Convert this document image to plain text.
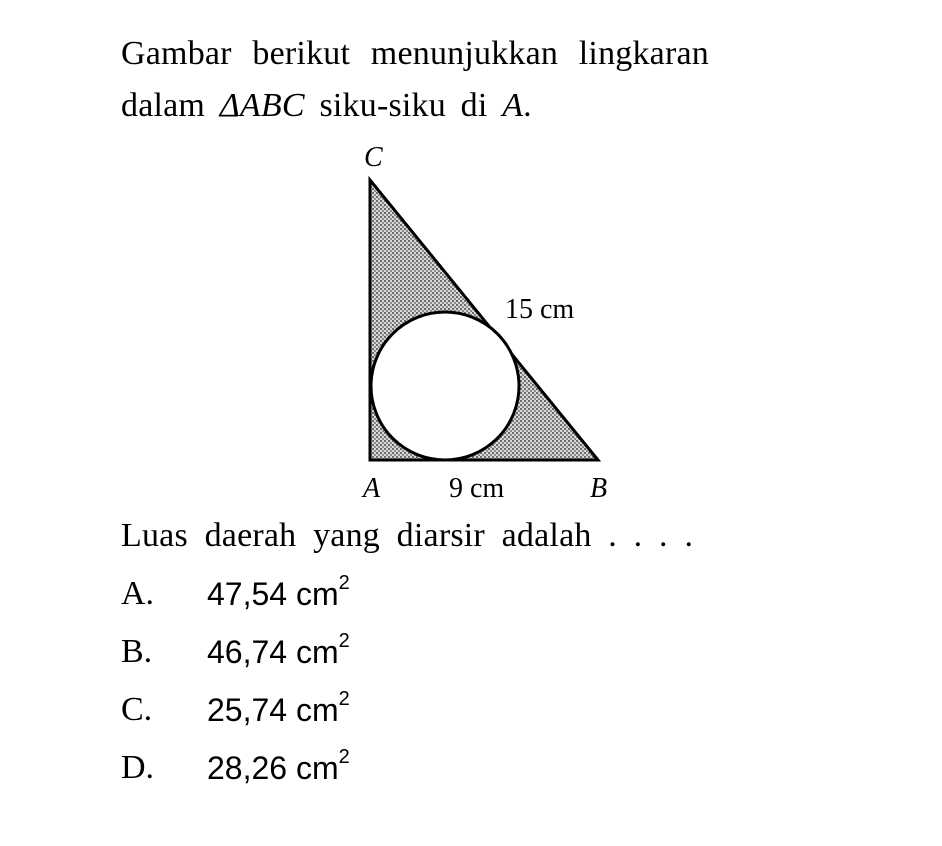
Gambar berikut menunjukkan lingkaran
dalam ΔABC siku-siku di A.
C
15 cm
A 9 cm	B
Luas daerah yang diarsir adalah . . . .
A. 47,54 $cm^2$
B. 46,74 $cm^2$
C. 25,74 $cm^2$
D. 28,26 $cm^2$
